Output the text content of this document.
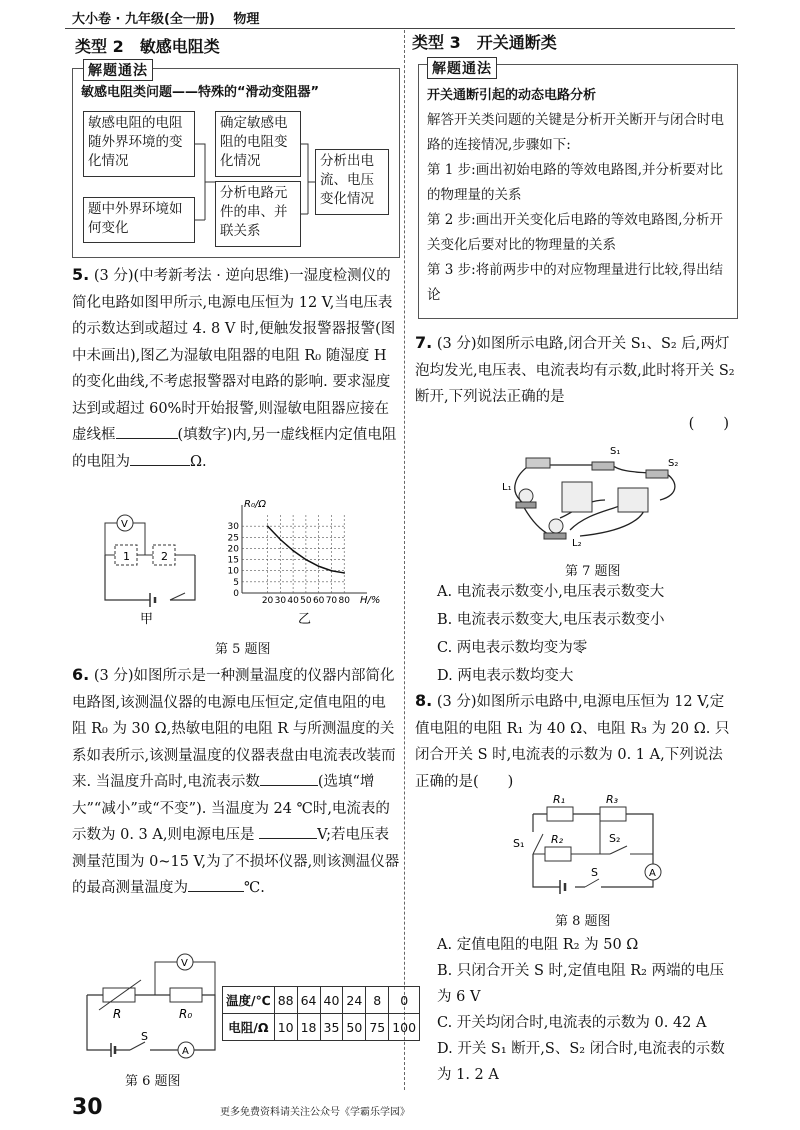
大小卷 · 九年级(全一册) 物理
类型 2　敏感电阻类
解题通法
敏感电阻类问题——特殊的“滑动变阻器”
敏感电阻的电阻随外界环境的变化情况
题中外界环境如何变化
确定敏感电阻的电阻变化情况
分析电路元件的串、并联关系
分析出电流、电压变化情况
5. (3 分)(中考新考法 · 逆向思维)一湿度检测仪的简化电路如图甲所示,电源电压恒为 12 V,当电压表的示数达到或超过 4. 8 V 时,便触发报警器报警(图中未画出),图乙为湿敏电阻器的电阻 R₀ 随湿度 H 的变化曲线,不考虑报警器对电路的影响. 要求湿度达到或超过 60%时开始报警,则湿敏电阻器应接在虚线框	(填数字)内,另一虚线框内定值电阻的电阻为	Ω.
1	2
V
甲
R₀/Ω
H/%
乙
0
5
10
15
20
25
30
20 30 40 50 60 70 80
第 5 题图
6. (3 分)如图所示是一种测量温度的仪器内部简化电路图,该测温仪器的电源电压恒定,定值电阻的电阻 R₀ 为 30 Ω,热敏电阻的电阻 R 与所测温度的关系如表所示,该测量温度的仪器表盘由电流表改装而来. 当温度升高时,电流表示数	(选填“增大”“减小”或“不变”). 当温度为 24 ℃时,电流表的示数为 0. 3 A,则电源电压是	V;若电压表测量范围为 0~15 V,为了不损坏仪器,则该测温仪器的最高测量温度为	℃.
V
A
R	R₀
S
第 6 题图
温度/℃	88	64	40	24	8	0
电阻/Ω	10	18	35	50	75	100
类型 3　开关通断类
解题通法
开关通断引起的动态电路分析
解答开关类问题的关键是分析开关断开与闭合时电路的连接情况,步骤如下:
第 1 步:画出初始电路的等效电路图,并分析要对比的物理量的关系
第 2 步:画出开关变化后电路的等效电路图,分析开关变化后要对比的物理量的关系
第 3 步:将前两步中的对应物理量进行比较,得出结论
7. (3 分)如图所示电路,闭合开关 S₁、S₂ 后,两灯泡均发光,电压表、电流表均有示数,此时将开关 S₂ 断开,下列说法正确的是
(　　)
L₁
L₂
S₁
S₂
第 7 题图
A. 电流表示数变小,电压表示数变大
B. 电流表示数变大,电压表示数变小
C. 两电表示数均变为零
D. 两电表示数均变大
8. (3 分)如图所示电路中,电源电压恒为 12 V,定值电阻的电阻 R₁ 为 40 Ω、电阻 R₃ 为 20 Ω. 只闭合开关 S 时,电流表的示数为 0. 1 A,下列说法正确的是(　　)
A
R₁	R₃
R₂
S₁	S₂
S
第 8 题图
A. 定值电阻的电阻 R₂ 为 50 Ω
B. 只闭合开关 S 时,定值电阻 R₂ 两端的电压为 6 V
C. 开关均闭合时,电流表的示数为 0. 42 A
D. 开关 S₁ 断开,S、S₂ 闭合时,电流表的示数为 1. 2 A
30	更多免费资料请关注公众号《学霸乐学园》
